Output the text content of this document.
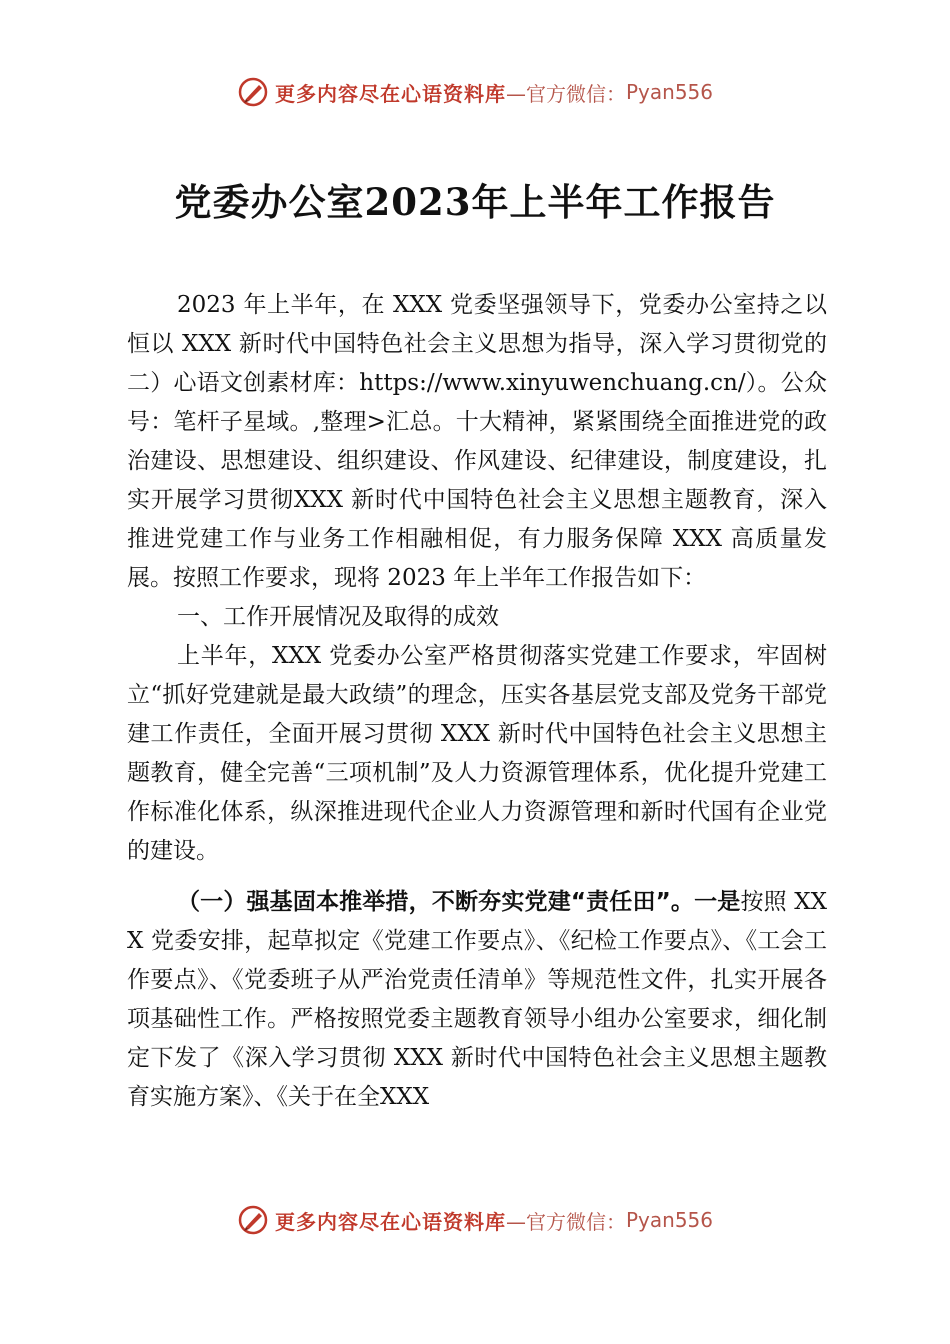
更多内容尽在心语资料库 —官方微信： Pyan556
党委办公室2023年上半年工作报告

2023 年上半年，在 XXX 党委坚强领导下，党委办公室持之以恒以 XXX 新时代中国特色社会主义思想为指导，深入学习贯彻党的二）心语文创素材库：https://www.xinyuwenchuang.cn/）。公众号：笔杆子星域。,整理>汇总。十大精神，紧紧围绕全面推进党的政治建设、思想建设、组织建设、作风建设、纪律建设，制度建设，扎实开展学习贯彻XXX 新时代中国特色社会主义思想主题教育，深入推进党建工作与业务工作相融相促，有力服务保障 XXX 高质量发展。按照工作要求，现将 2023 年上半年工作报告如下：

一、工作开展情况及取得的成效

上半年，XXX 党委办公室严格贯彻落实党建工作要求，牢固树立“抓好党建就是最大政绩”的理念，压实各基层党支部及党务干部党建工作责任，全面开展习贯彻 XXX 新时代中国特色社会主义思想主题教育，健全完善“三项机制”及人力资源管理体系，优化提升党建工作标准化体系，纵深推进现代企业人力资源管理和新时代国有企业党的建设。

（一）强基固本推举措，不断夯实党建“责任田”。一是按照 XXX 党委安排，起草拟定《党建工作要点》、《纪检工作要点》、《工会工作要点》、《党委班子从严治党责任清单》等规范性文件，扎实开展各项基础性工作。严格按照党委主题教育领导小组办公室要求，细化制定下发了《深入学习贯彻 XXX 新时代中国特色社会主义思想主题教育实施方案》、《关于在全XXX

更多内容尽在心语资料库 —官方微信： Pyan556
